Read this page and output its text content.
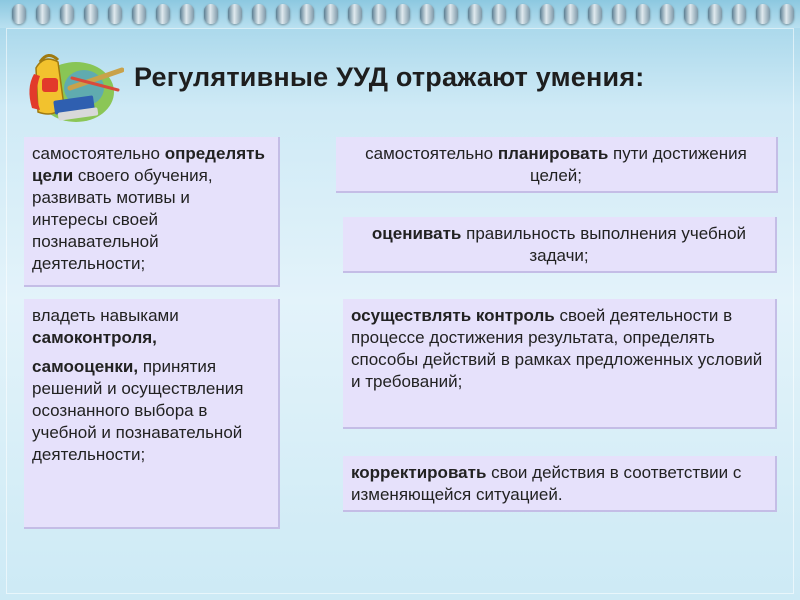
Регулятивные УУД отражают умения:
самостоятельно определять цели своего обучения, развивать мотивы и интересы своей познавательной деятельности;
владеть навыками самоконтроля,
самооценки, принятия решений и осуществления осознанного выбора в учебной и познавательной деятельности;
самостоятельно планировать пути достижения целей;
оценивать правильность выполнения учебной задачи;
осуществлять контроль своей деятельности в процессе достижения результата, определять способы действий в рамках предложенных условий и требований;
корректировать свои действия в соответствии с изменяющейся ситуацией.
